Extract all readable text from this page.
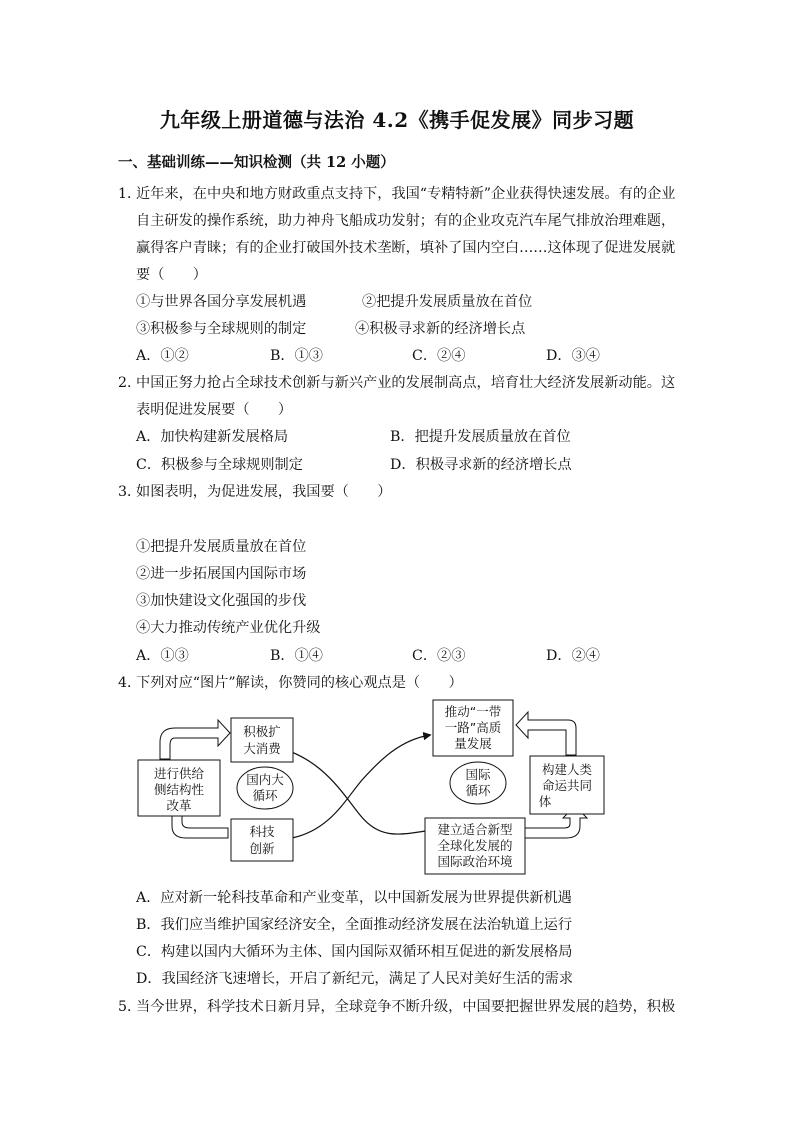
九年级上册道德与法治 4.2《携手促发展》同步习题
一、基础训练——知识检测（共 12 小题）
1．
近年来，在中央和地方财政重点支持下，我国“专精特新”企业获得快速发展。有的企业
自主研发的操作系统，助力神舟飞船成功发射；有的企业攻克汽车尾气排放治理难题，
赢得客户青睐；有的企业打破国外技术垄断，填补了国内空白……这体现了促进发展就
要（　　）
①与世界各国分享发展机遇	②把提升发展质量放在首位
③积极参与全球规则的制定	④积极寻求新的经济增长点
A．①②	B．①③	C．②④	D．③④
2．
中国正努力抢占全球技术创新与新兴产业的发展制高点，培育壮大经济发展新动能。这
表明促进发展要（　　）
A．加快构建新发展格局	B．把提升发展质量放在首位
C．积极参与全球规则制定	D．积极寻求新的经济增长点
3．
如图表明，为促进发展，我国要（　　）
①把提升发展质量放在首位
②进一步拓展国内国际市场
③加快建设文化强国的步伐
④大力推动传统产业优化升级
A．①③	B．①④	C．②③	D．②④
4．
下列对应“图片”解读，你赞同的核心观点是（　　）
积极扩
大消费
进行供给
侧结构性
改革
科技
创新
国内大
循环
推动“一带
一路”高质
量发展
构建人类
命运共同
体
建立适合新型
全球化发展的
国际政治环境
国际
循环
A．应对新一轮科技革命和产业变革，以中国新发展为世界提供新机遇
B．我们应当维护国家经济安全，全面推动经济发展在法治轨道上运行
C．构建以国内大循环为主体、国内国际双循环相互促进的新发展格局
D．我国经济飞速增长，开启了新纪元，满足了人民对美好生活的需求
5．
当今世界，科学技术日新月异，全球竞争不断升级，中国要把握世界发展的趋势，积极
